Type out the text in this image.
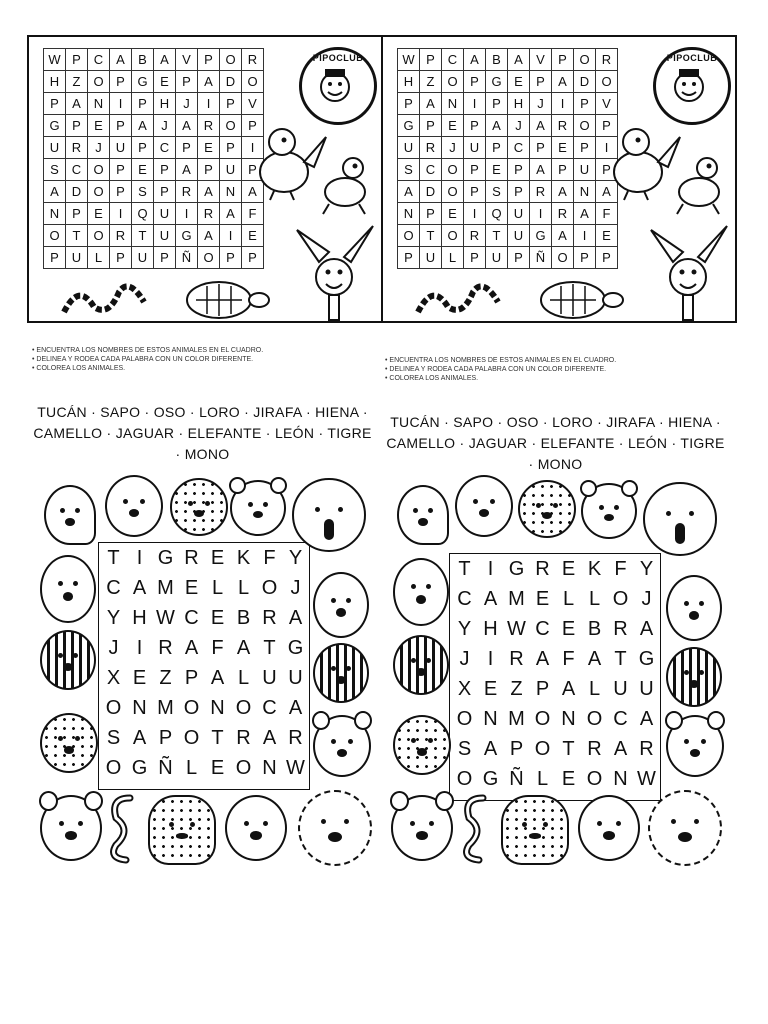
W	P	C	A	B	A	V	P	O	R
H	Z	O	P	G	E	P	A	D	O
P	A	N	I	P	H	J	I	P	V
G	P	E	P	A	J	A	R	O	P
U	R	J	U	P	C	P	E	P	I
S	C	O	P	E	P	A	P	U	P
A	D	O	P	S	P	R	A	N	A
N	P	E	I	Q	U	I	R	A	F
O	T	O	R	T	U	G	A	I	E
P	U	L	P	U	P	Ñ	O	P	P
PIPOCLUB	W	P	C	A	B	A	V	P	O	R
H	Z	O	P	G	E	P	A	D	O
P	A	N	I	P	H	J	I	P	V
G	P	E	P	A	J	A	R	O	P
U	R	J	U	P	C	P	E	P	I
S	C	O	P	E	P	A	P	U	P
A	D	O	P	S	P	R	A	N	A
N	P	E	I	Q	U	I	R	A	F
O	T	O	R	T	U	G	A	I	E
P	U	L	P	U	P	Ñ	O	P	P
PIPOCLUB
• ENCUENTRA LOS NOMBRES DE ESTOS ANIMALES EN EL CUADRO.
• DELINEA Y RODEA CADA PALABRA CON UN COLOR DIFERENTE.
• COLOREA LOS ANIMALES.
TUCÁN · SAPO · OSO · LORO · JIRAFA · HIENA ·
CAMELLO · JAGUAR · ELEFANTE · LEÓN · TIGRE · MONO
T I G R E K F Y
C A M E L L O J
Y H W C E B R A
J I R A F A T G
X E Z P A L U U
O N M O N O C A
S A P O T R A R
O G Ñ L E O N W
• ENCUENTRA LOS NOMBRES DE ESTOS ANIMALES EN EL CUADRO.
• DELINEA Y RODEA CADA PALABRA CON UN COLOR DIFERENTE.
• COLOREA LOS ANIMALES.
TUCÁN · SAPO · OSO · LORO · JIRAFA · HIENA ·
CAMELLO · JAGUAR · ELEFANTE · LEÓN · TIGRE · MONO
T I G R E K F Y
C A M E L L O J
Y H W C E B R A
J I R A F A T G
X E Z P A L U U
O N M O N O C A
S A P O T R A R
O G Ñ L E O N W
